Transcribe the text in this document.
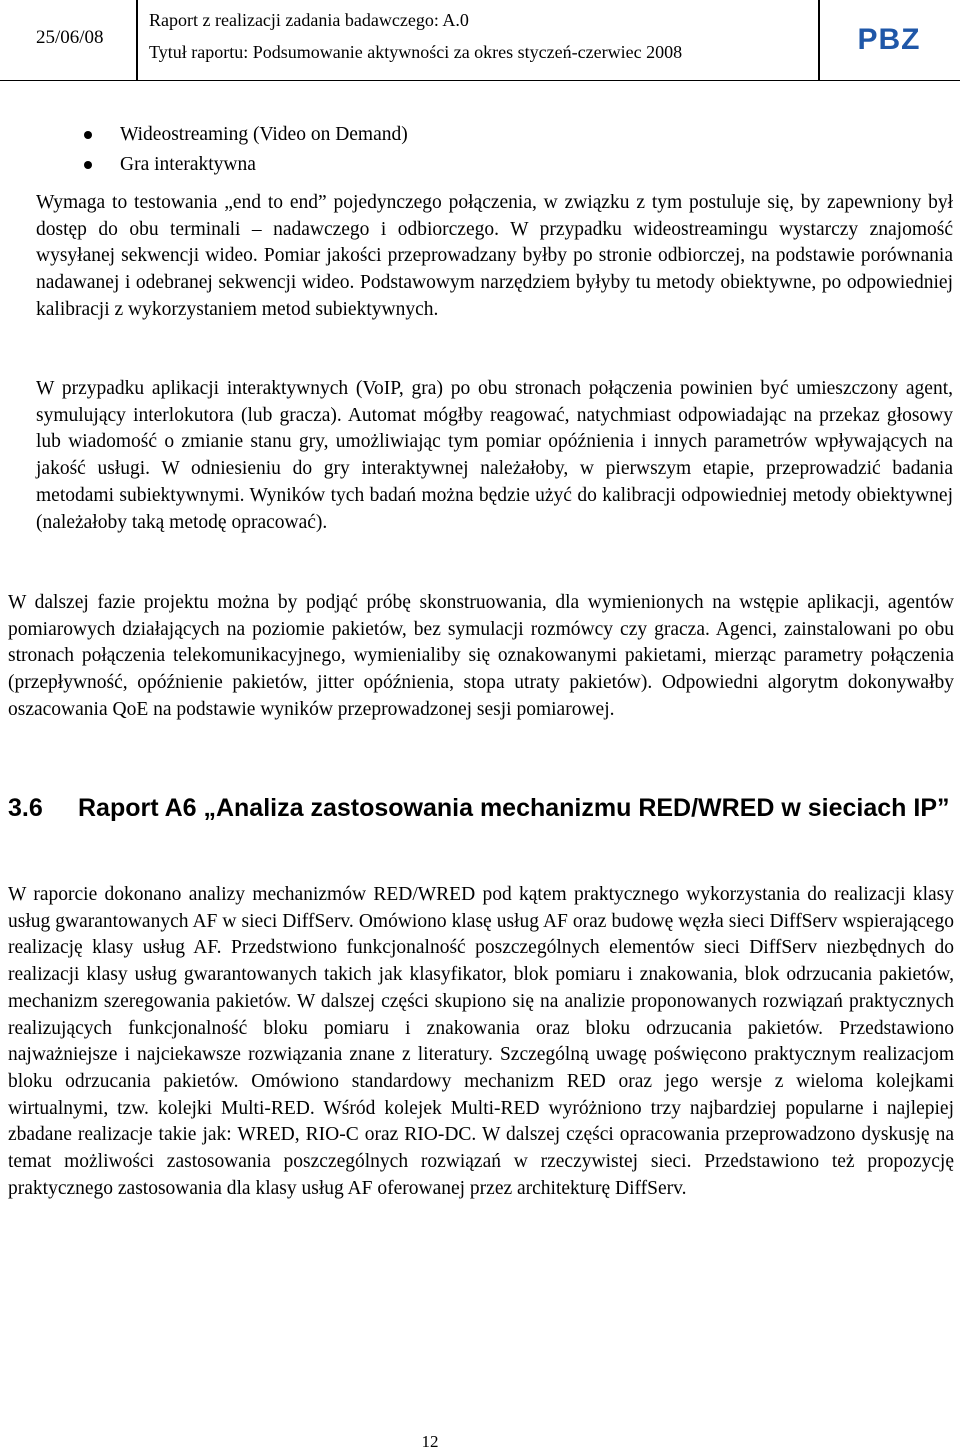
25/06/08
Raport z realizacji zadania badawczego: A.0
Tytuł raportu: Podsumowanie aktywności za okres styczeń-czerwiec 2008	PBZ
Wideostreaming (Video on Demand)
Gra interaktywna

Wymaga to testowania „end to end” pojedynczego połączenia, w związku z tym postuluje się, by zapewniony był dostęp do obu terminali – nadawczego i odbiorczego. W przypadku wideostreamingu wystarczy znajomość wysyłanej sekwencji wideo. Pomiar jakości przeprowadzany byłby po stronie odbiorczej, na podstawie porównania nadawanej i odebranej sekwencji wideo. Podstawowym narzędziem byłyby tu metody obiektywne, po odpowiedniej kalibracji z wykorzystaniem metod subiektywnych.

W przypadku aplikacji interaktywnych (VoIP, gra) po obu stronach połączenia powinien być umieszczony agent, symulujący interlokutora (lub gracza). Automat mógłby reagować, natychmiast odpowiadając na przekaz głosowy lub wiadomość o zmianie stanu gry, umożliwiając tym pomiar opóźnienia i innych parametrów wpływających na jakość usługi. W odniesieniu do gry interaktywnej należałoby, w pierwszym etapie, przeprowadzić badania metodami subiektywnymi. Wyników tych badań można będzie użyć do kalibracji odpowiedniej metody obiektywnej (należałoby taką metodę opracować).

W dalszej fazie projektu można by podjąć próbę skonstruowania, dla wymienionych na wstępie aplikacji, agentów pomiarowych działających na poziomie pakietów, bez symulacji rozmówcy czy gracza. Agenci, zainstalowani po obu stronach połączenia telekomunikacyjnego, wymienialiby się oznakowanymi pakietami, mierząc parametry połączenia (przepływność, opóźnienie pakietów, jitter opóźnienia, stopa utraty pakietów). Odpowiedni algorytm dokonywałby oszacowania QoE na podstawie wyników przeprowadzonej sesji pomiarowej.

3.6	Raport A6 „Analiza zastosowania mechanizmu RED/WRED w sieciach IP”

W raporcie dokonano analizy mechanizmów RED/WRED pod kątem praktycznego wykorzystania do realizacji klasy usług gwarantowanych AF w sieci DiffServ. Omówiono klasę usług AF oraz budowę węzła sieci DiffServ wspierającego realizację klasy usług AF. Przedstwiono funkcjonalność poszczególnych elementów sieci DiffServ niezbędnych do realizacji klasy usług gwarantowanych takich jak klasyfikator, blok pomiaru i znakowania, blok odrzucania pakietów, mechanizm szeregowania pakietów. W dalszej części skupiono się na analizie proponowanych rozwiązań praktycznych realizujących funkcjonalność bloku pomiaru i znakowania oraz bloku odrzucania pakietów. Przedstawiono najważniejsze i najciekawsze rozwiązania znane z literatury. Szczególną uwagę poświęcono praktycznym realizacjom bloku odrzucania pakietów. Omówiono standardowy mechanizm RED oraz jego wersje z wieloma kolejkami wirtualnymi, tzw. kolejki Multi-RED. Wśród kolejek Multi-RED wyróżniono trzy najbardziej popularne i najlepiej zbadane realizacje takie jak: WRED, RIO-C oraz RIO-DC. W dalszej części opracowania przeprowadzono dyskusję na temat możliwości zastosowania poszczególnych rozwiązań w rzeczywistej sieci. Przedstawiono też propozycję praktycznego zastosowania dla klasy usług AF oferowanej przez architekturę DiffServ.

12
